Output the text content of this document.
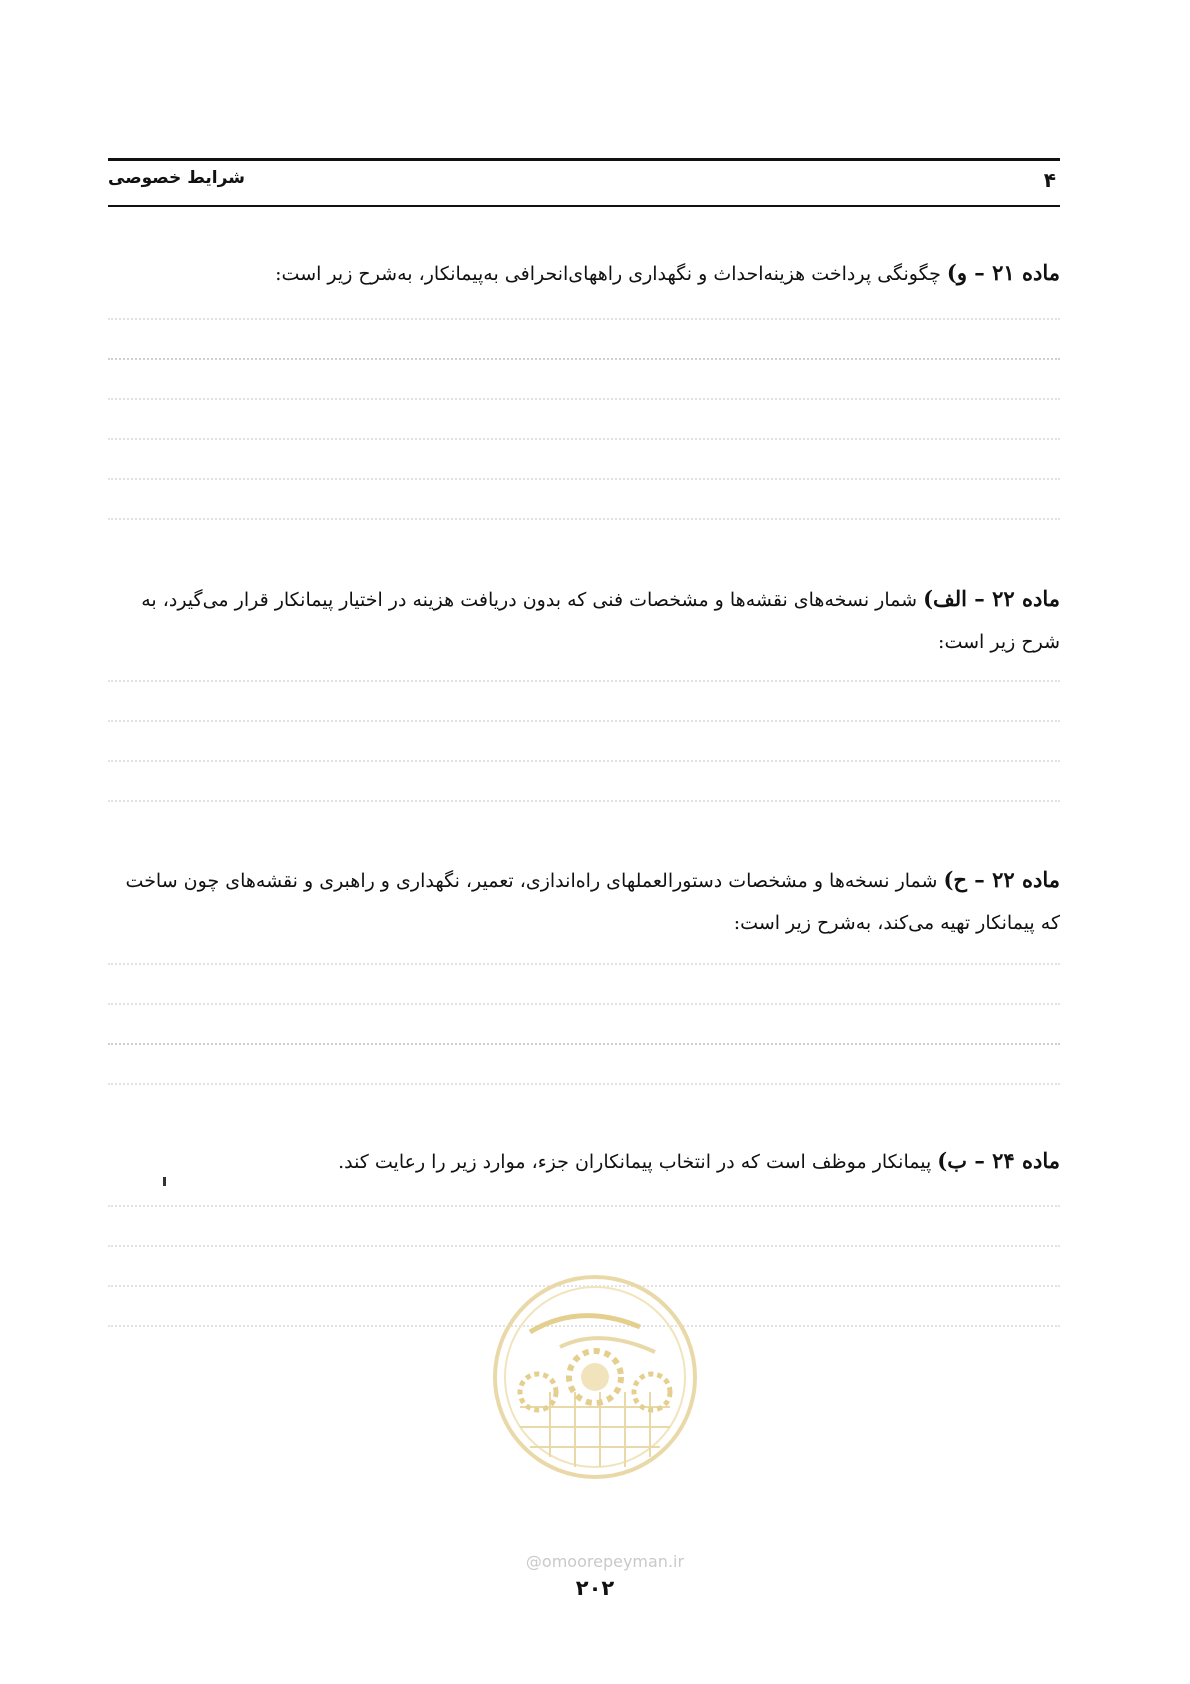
۴
شرایط خصوصی
ماده ۲۱ – و) چگونگی پرداخت هزینه‌احداث و نگهداری راههای‌انحرافی به‌پیمانکار، به‌شرح زیر است:
ماده ۲۲ – الف) شمار نسخه‌های نقشه‌ها و مشخصات فنی که بدون دریافت هزینه در اختیار پیمانکار قرار می‌گیرد، به شرح زیر است:
ماده ۲۲ – ح) شمار نسخه‌ها و مشخصات دستورالعملهای راه‌اندازی، تعمیر، نگهداری و راهبری و نقشه‌های چون ساخت که پیمانکار تهیه می‌کند، به‌شرح زیر است:
ماده ۲۴ – ب) پیمانکار موظف است که در انتخاب پیمانکاران جزء، موارد زیر را رعایت کند.
@omoorepeyman.ir
۲۰۲
